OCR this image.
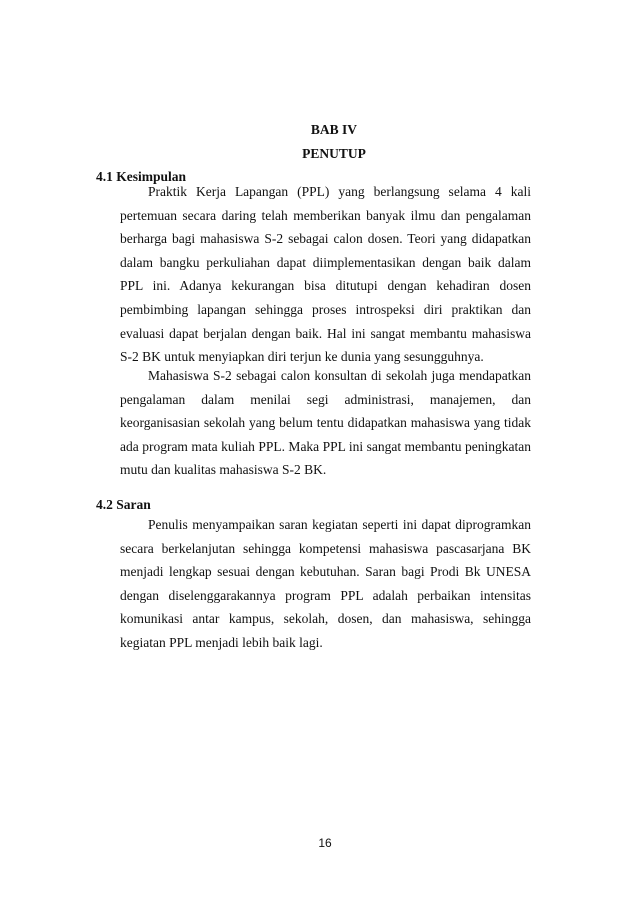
BAB IV
PENUTUP
4.1 Kesimpulan

Praktik Kerja Lapangan (PPL) yang berlangsung selama 4 kali pertemuan secara daring telah memberikan banyak ilmu dan pengalaman berharga bagi mahasiswa S-2 sebagai calon dosen. Teori yang didapatkan dalam bangku perkuliahan dapat diimplementasikan dengan baik dalam PPL ini. Adanya kekurangan bisa ditutupi dengan kehadiran dosen pembimbing lapangan sehingga proses introspeksi diri praktikan dan evaluasi dapat berjalan dengan baik. Hal ini sangat membantu mahasiswa S-2 BK untuk menyiapkan diri terjun ke dunia yang sesungguhnya.

Mahasiswa S-2 sebagai calon konsultan di sekolah juga mendapatkan pengalaman dalam menilai segi administrasi, manajemen, dan keorganisasian sekolah yang belum tentu didapatkan mahasiswa yang tidak ada program mata kuliah PPL. Maka PPL ini sangat membantu peningkatan mutu dan kualitas mahasiswa S-2 BK.

4.2 Saran

Penulis menyampaikan saran kegiatan seperti ini dapat diprogramkan secara berkelanjutan sehingga kompetensi mahasiswa pascasarjana BK menjadi lengkap sesuai dengan kebutuhan. Saran bagi Prodi Bk UNESA dengan diselenggarakannya program PPL adalah perbaikan intensitas komunikasi antar kampus, sekolah, dosen, dan mahasiswa, sehingga kegiatan PPL menjadi lebih baik lagi.

16
